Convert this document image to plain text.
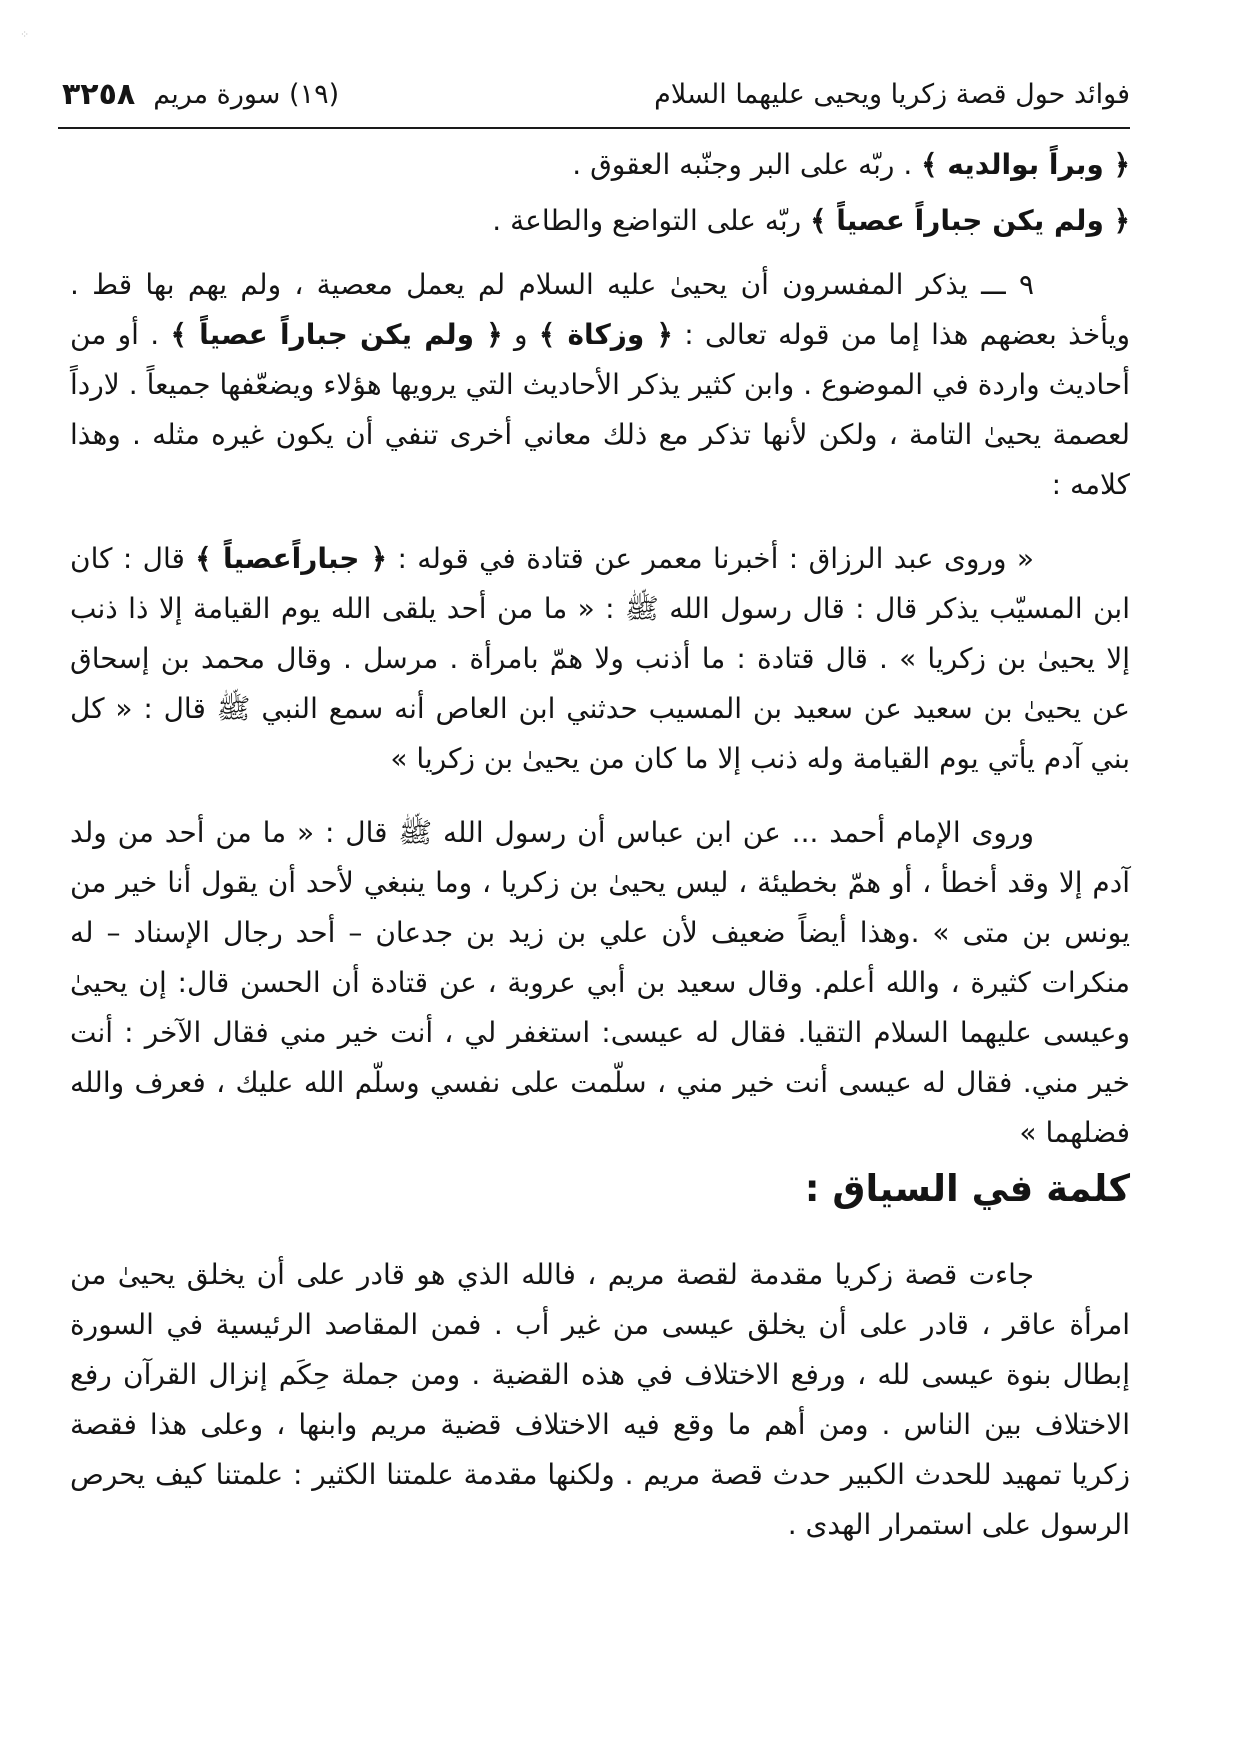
⁘
فوائد حول قصة زكريا ويحيى عليهما السلام
(١٩) سورة مريم
٣٢٥٨

﴿ وبراً بوالديه ﴾ . ربّه على البر وجنّبه العقوق .

﴿ ولم يكن جباراً عصياً ﴾ ربّه على التواضع والطاعة .

٩ ـــ يذكر المفسرون أن يحيىٰ عليه السلام لم يعمل معصية ، ولم يهم بها قط . ويأخذ بعضهم هذا إما من قوله تعالى : ﴿ وزكاة ﴾ و ﴿ ولم يكن جباراً عصياً ﴾ . أو من أحاديث واردة في الموضوع . وابن كثير يذكر الأحاديث التي يرويها هؤلاء ويضعّفها جميعاً . لارداً لعصمة يحيىٰ التامة ، ولكن لأنها تذكر مع ذلك معاني أخرى تنفي أن يكون غيره مثله . وهذا كلامه :

« وروى عبد الرزاق : أخبرنا معمر عن قتادة في قوله : ﴿ جباراًعصياً ﴾ قال : كان ابن المسيّب يذكر قال : قال رسول الله ﷺ : « ما من أحد يلقى الله يوم القيامة إلا ذا ذنب إلا يحيىٰ بن زكريا » . قال قتادة : ما أذنب ولا همّ بامرأة . مرسل . وقال محمد بن إسحاق عن يحيىٰ بن سعيد عن سعيد بن المسيب حدثني ابن العاص أنه سمع النبي ﷺ قال : « كل بني آدم يأتي يوم القيامة وله ذنب إلا ما كان من يحيىٰ بن زكريا »

وروى الإمام أحمد ... عن ابن عباس أن رسول الله ﷺ قال : « ما من أحد من ولد آدم إلا وقد أخطأ ، أو همّ بخطيئة ، ليس يحيىٰ بن زكريا ، وما ينبغي لأحد أن يقول أنا خير من يونس بن متى » .وهذا أيضاً ضعيف لأن علي بن زيد بن جدعان – أحد رجال الإسناد – له منكرات كثيرة ، والله أعلم. وقال سعيد بن أبي عروبة ، عن قتادة أن الحسن قال: إن يحيىٰ وعيسى عليهما السلام التقيا. فقال له عيسى: استغفر لي ، أنت خير مني فقال الآخر : أنت خير مني. فقال له عيسى أنت خير مني ، سلّمت على نفسي وسلّم الله عليك ، فعرف والله فضلهما »

كلمة في السياق :

جاءت قصة زكريا مقدمة لقصة مريم ، فالله الذي هو قادر على أن يخلق يحيىٰ من امرأة عاقر ، قادر على أن يخلق عيسى من غير أب . فمن المقاصد الرئيسية في السورة إبطال بنوة عيسى لله ، ورفع الاختلاف في هذه القضية . ومن جملة حِكَم إنزال القرآن رفع الاختلاف بين الناس . ومن أهم ما وقع فيه الاختلاف قضية مريم وابنها ، وعلى هذا فقصة زكريا تمهيد للحدث الكبير حدث قصة مريم . ولكنها مقدمة علمتنا الكثير : علمتنا كيف يحرص الرسول على استمرار الهدى .
